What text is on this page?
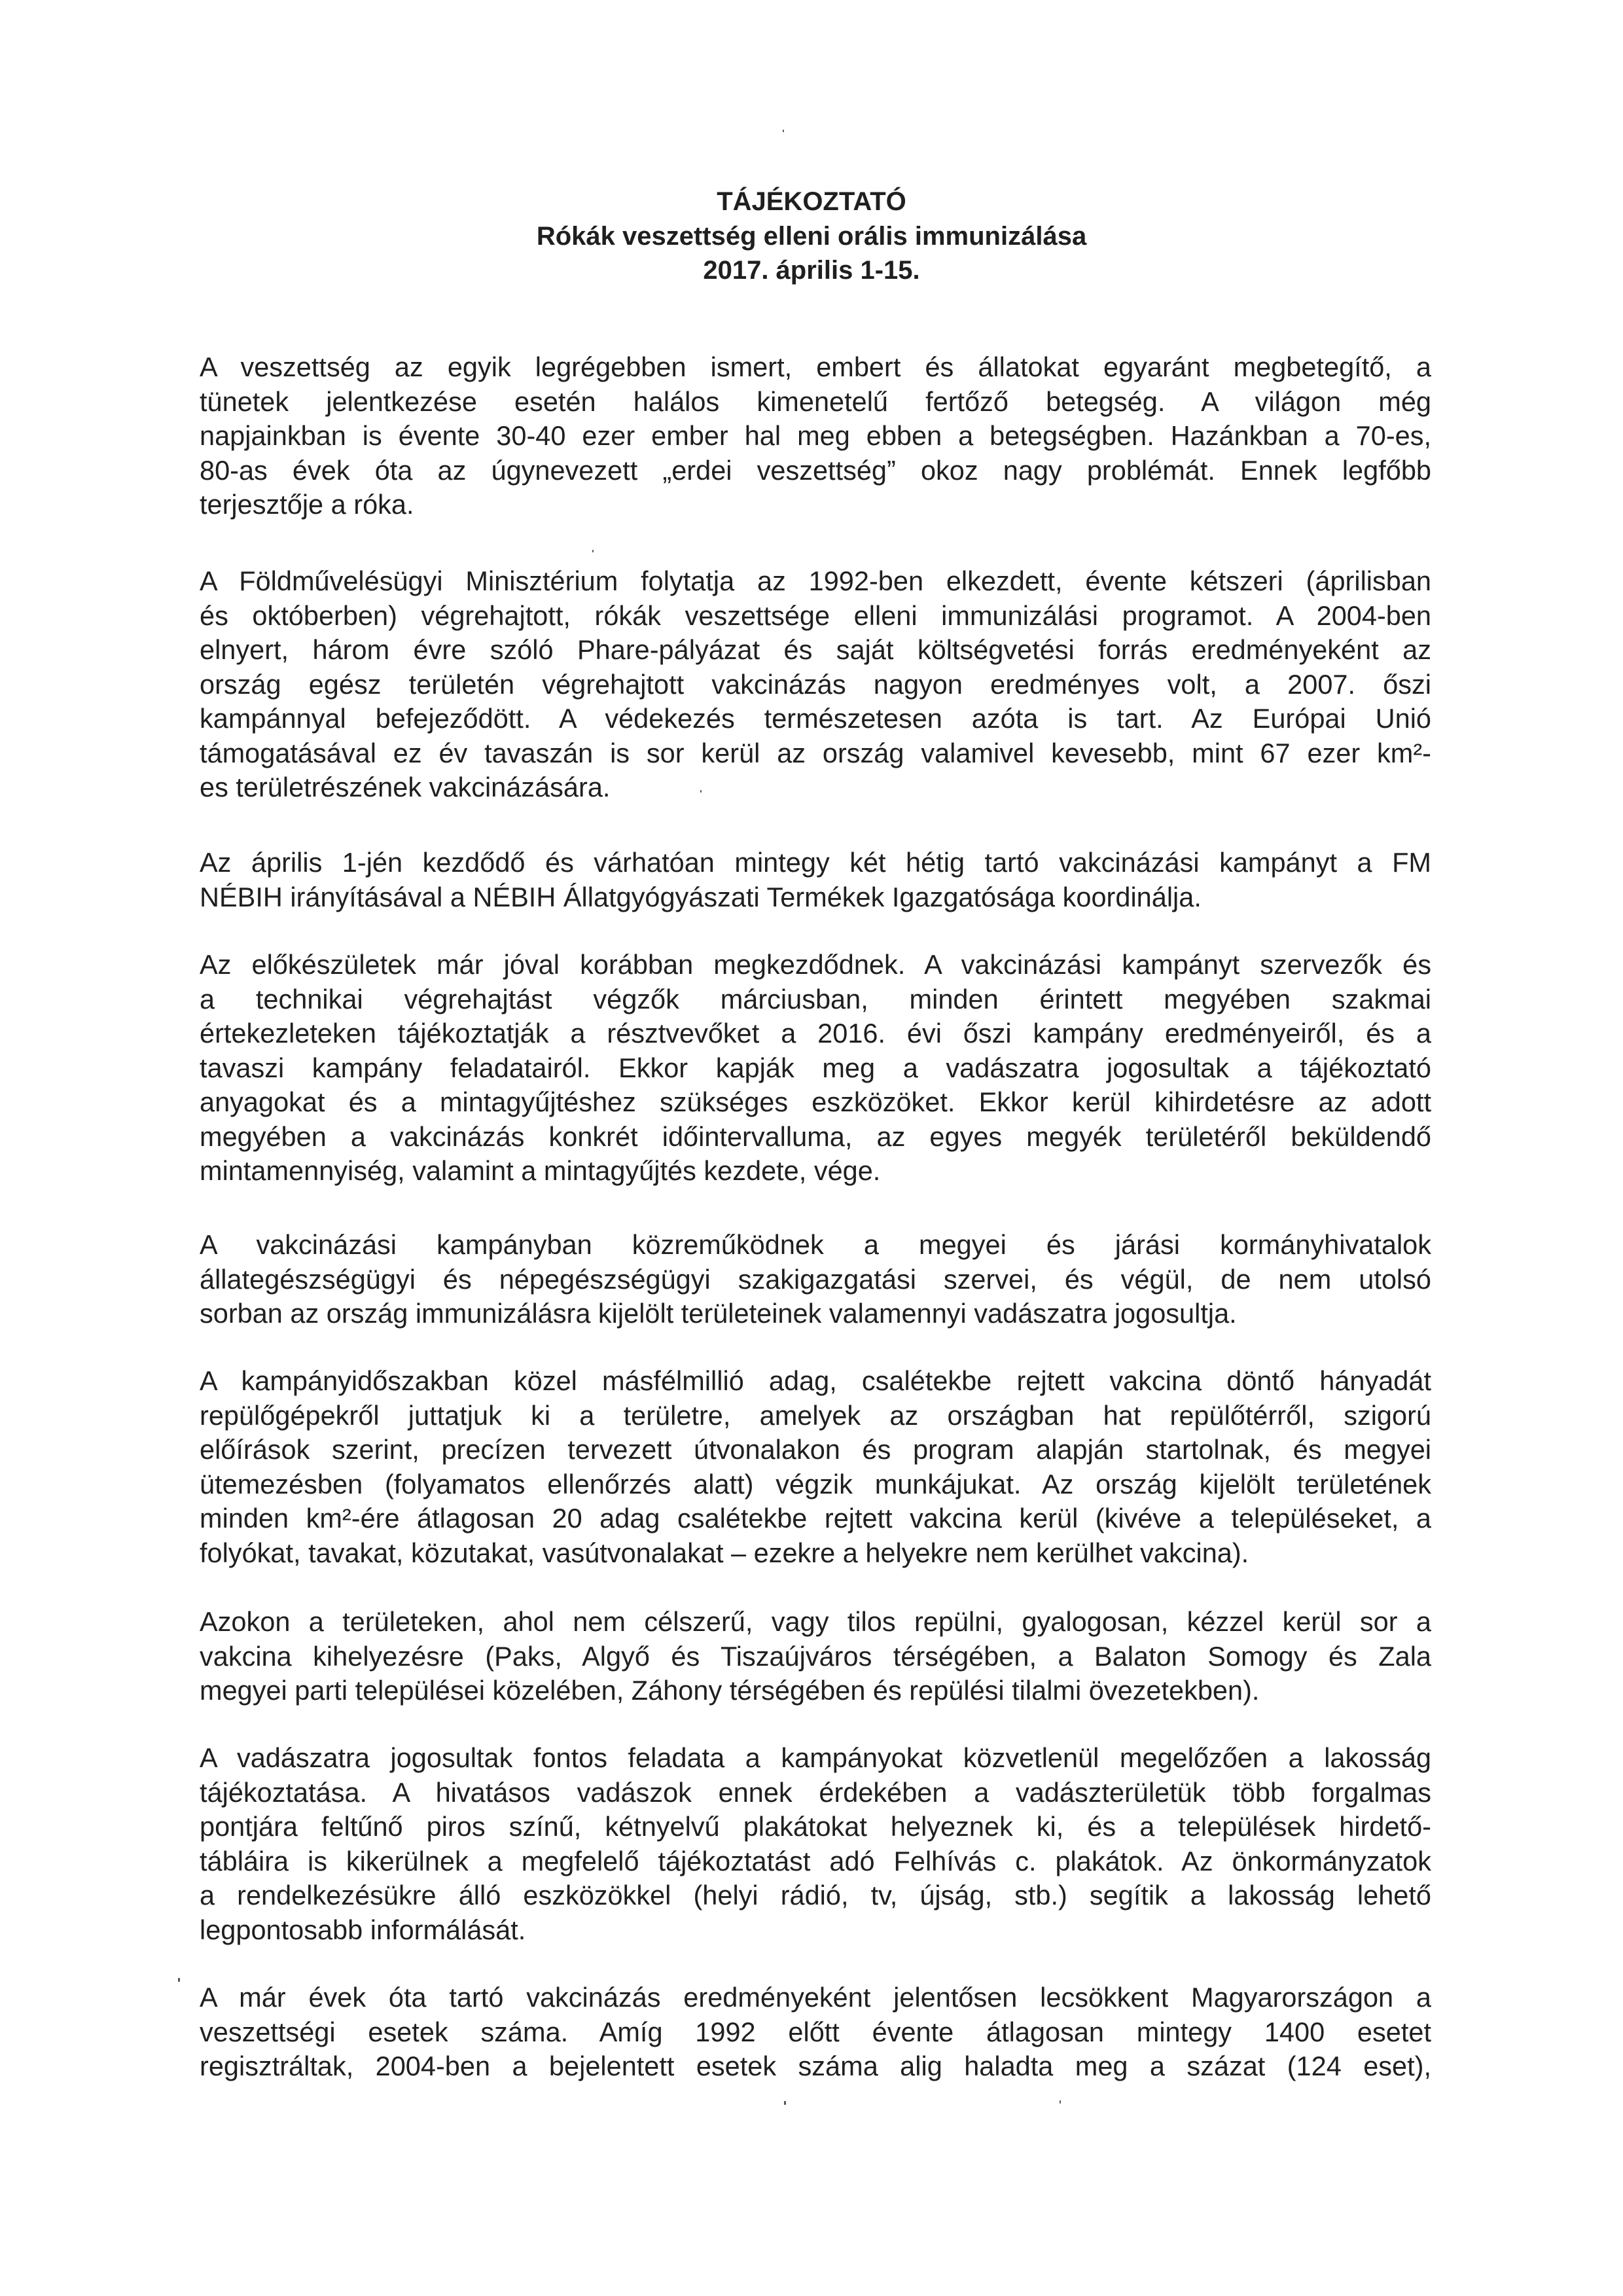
TÁJÉKOZTATÓ
Rókák veszettség elleni orális immunizálása
2017. április 1-15.
A veszettség az egyik legrégebben ismert, embert és állatokat egyaránt megbetegítő, a
tünetek jelentkezése esetén halálos kimenetelű fertőző betegség. A világon még
napjainkban is évente 30-40 ezer ember hal meg ebben a betegségben. Hazánkban a 70-es,
80-as évek óta az úgynevezett „erdei veszettség” okoz nagy problémát. Ennek legfőbb
terjesztője a róka.
A Földművelésügyi Minisztérium folytatja az 1992-ben elkezdett, évente kétszeri (áprilisban
és októberben) végrehajtott, rókák veszettsége elleni immunizálási programot. A 2004-ben
elnyert, három évre szóló Phare-pályázat és saját költségvetési forrás eredményeként az
ország egész területén végrehajtott vakcinázás nagyon eredményes volt, a 2007. őszi
kampánnyal befejeződött. A védekezés természetesen azóta is tart. Az Európai Unió
támogatásával ez év tavaszán is sor kerül az ország valamivel kevesebb, mint 67 ezer km²-
es területrészének vakcinázására.
Az április 1-jén kezdődő és várhatóan mintegy két hétig tartó vakcinázási kampányt a FM
NÉBIH irányításával a NÉBIH Állatgyógyászati Termékek Igazgatósága koordinálja.
Az előkészületek már jóval korábban megkezdődnek. A vakcinázási kampányt szervezők és
a technikai végrehajtást végzők márciusban, minden érintett megyében szakmai
értekezleteken tájékoztatják a résztvevőket a 2016. évi őszi kampány eredményeiről, és a
tavaszi kampány feladatairól. Ekkor kapják meg a vadászatra jogosultak a tájékoztató
anyagokat és a mintagyűjtéshez szükséges eszközöket. Ekkor kerül kihirdetésre az adott
megyében a vakcinázás konkrét időintervalluma, az egyes megyék területéről beküldendő
mintamennyiség, valamint a mintagyűjtés kezdete, vége.
A vakcinázási kampányban közreműködnek a megyei és járási kormányhivatalok
állategészségügyi és népegészségügyi szakigazgatási szervei, és végül, de nem utolsó
sorban az ország immunizálásra kijelölt területeinek valamennyi vadászatra jogosultja.
A kampányidőszakban közel másfélmillió adag, csalétekbe rejtett vakcina döntő hányadát
repülőgépekről juttatjuk ki a területre, amelyek az országban hat repülőtérről, szigorú
előírások szerint, precízen tervezett útvonalakon és program alapján startolnak, és megyei
ütemezésben (folyamatos ellenőrzés alatt) végzik munkájukat. Az ország kijelölt területének
minden km²-ére átlagosan 20 adag csalétekbe rejtett vakcina kerül (kivéve a településeket, a
folyókat, tavakat, közutakat, vasútvonalakat – ezekre a helyekre nem kerülhet vakcina).
Azokon a területeken, ahol nem célszerű, vagy tilos repülni, gyalogosan, kézzel kerül sor a
vakcina kihelyezésre (Paks, Algyő és Tiszaújváros térségében, a Balaton Somogy és Zala
megyei parti települései közelében, Záhony térségében és repülési tilalmi övezetekben).
A vadászatra jogosultak fontos feladata a kampányokat közvetlenül megelőzően a lakosság
tájékoztatása. A hivatásos vadászok ennek érdekében a vadászterületük több forgalmas
pontjára feltűnő piros színű, kétnyelvű plakátokat helyeznek ki, és a települések hirdető-
tábláira is kikerülnek a megfelelő tájékoztatást adó Felhívás c. plakátok. Az önkormányzatok
a rendelkezésükre álló eszközökkel (helyi rádió, tv, újság, stb.) segítik a lakosság lehető
legpontosabb informálását.
A már évek óta tartó vakcinázás eredményeként jelentősen lecsökkent Magyarországon a
veszettségi esetek száma. Amíg 1992 előtt évente átlagosan mintegy 1400 esetet
regisztráltak, 2004-ben a bejelentett esetek száma alig haladta meg a százat (124 eset),
